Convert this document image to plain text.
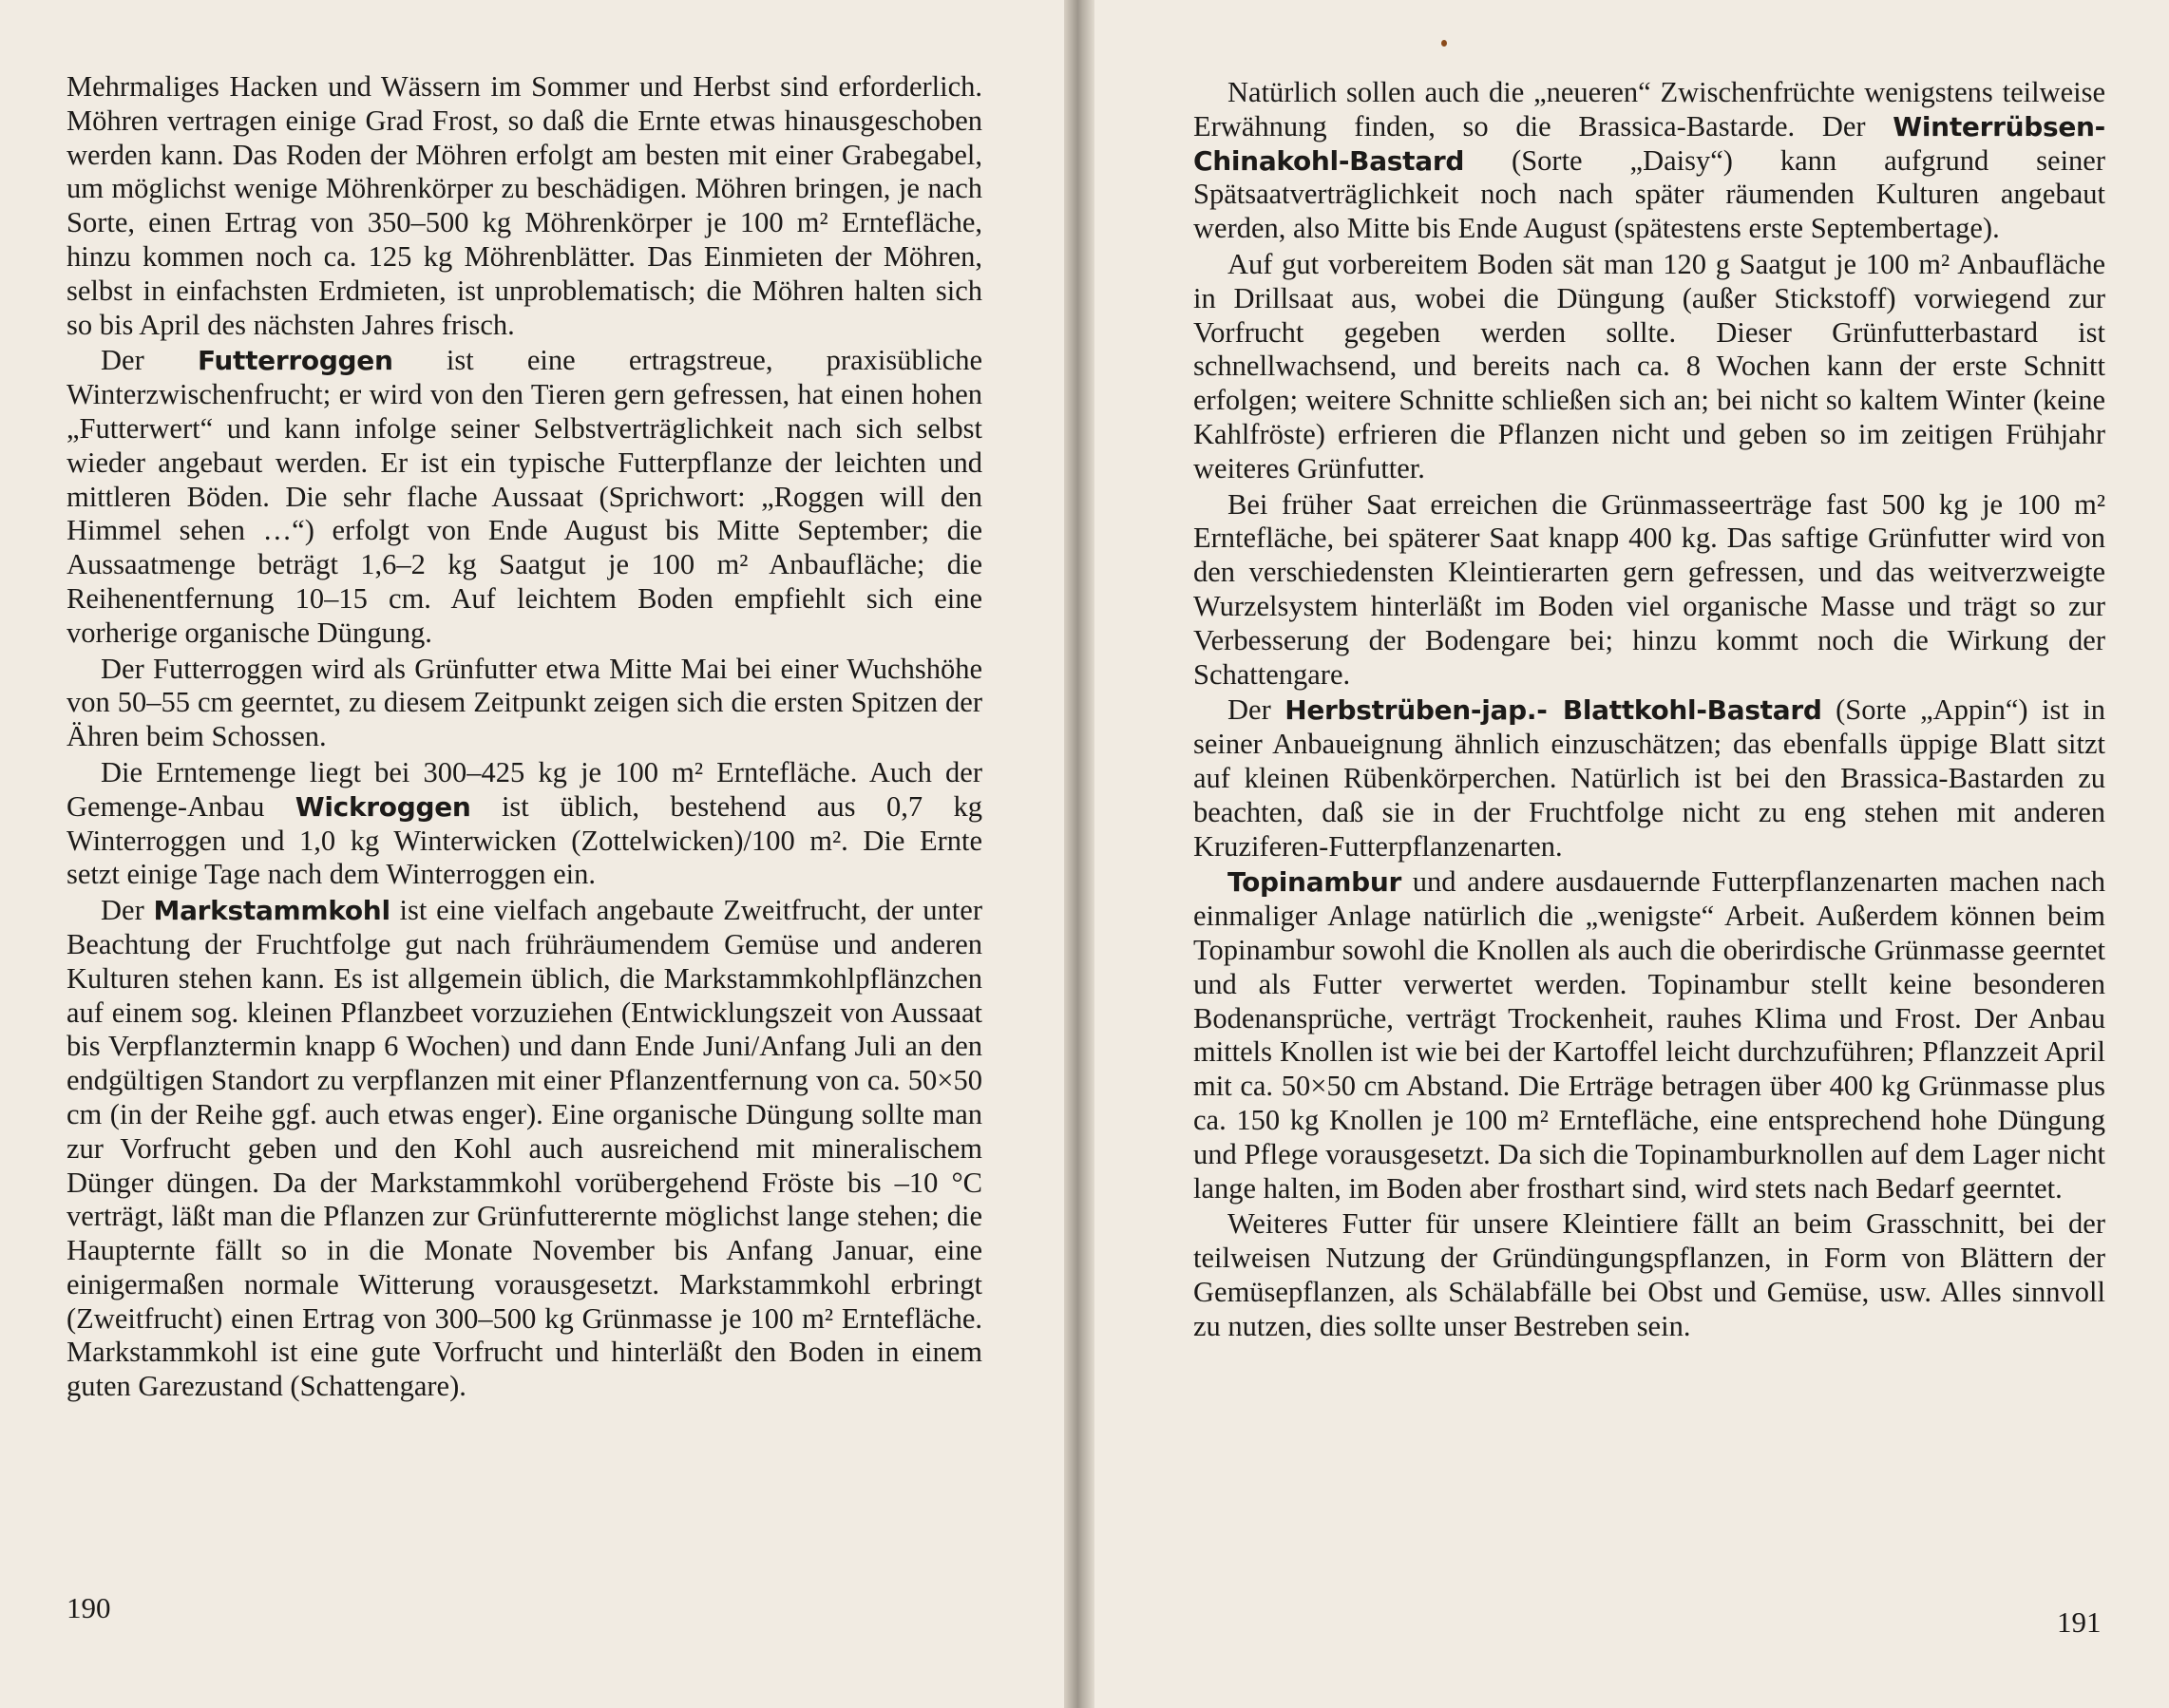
Mehrmaliges Hacken und Wässern im Sommer und Herbst sind erforderlich. Möhren vertragen einige Grad Frost, so daß die Ernte etwas hinausgeschoben werden kann. Das Roden der Möhren erfolgt am besten mit einer Grabegabel, um möglichst wenige Möhrenkörper zu beschädigen. Möhren bringen, je nach Sorte, einen Ertrag von 350–500 kg Möhrenkörper je 100 m² Erntefläche, hinzu kommen noch ca. 125 kg Möhrenblätter. Das Einmieten der Möhren, selbst in einfachsten Erdmieten, ist unproblematisch; die Möhren halten sich so bis April des nächsten Jahres frisch.

Der Futterroggen ist eine ertragstreue, praxisübliche Winterzwischenfrucht; er wird von den Tieren gern gefressen, hat einen hohen „Futterwert“ und kann infolge seiner Selbstverträglichkeit nach sich selbst wieder angebaut werden. Er ist ein typische Futterpflanze der leichten und mittleren Böden. Die sehr flache Aussaat (Sprichwort: „Roggen will den Himmel sehen …“) erfolgt von Ende August bis Mitte September; die Aussaatmenge beträgt 1,6–2 kg Saatgut je 100 m² Anbaufläche; die Reihenentfernung 10–15 cm. Auf leichtem Boden empfiehlt sich eine vorherige organische Düngung.

Der Futterroggen wird als Grünfutter etwa Mitte Mai bei einer Wuchshöhe von 50–55 cm geerntet, zu diesem Zeitpunkt zeigen sich die ersten Spitzen der Ähren beim Schossen.

Die Erntemenge liegt bei 300–425 kg je 100 m² Erntefläche. Auch der Gemenge-Anbau Wickroggen ist üblich, bestehend aus 0,7 kg Winterroggen und 1,0 kg Winterwicken (Zottelwicken)/100 m². Die Ernte setzt einige Tage nach dem Winterroggen ein.

Der Markstammkohl ist eine vielfach angebaute Zweitfrucht, der unter Beachtung der Fruchtfolge gut nach frühräumendem Gemüse und anderen Kulturen stehen kann. Es ist allgemein üblich, die Markstammkohlpflänzchen auf einem sog. kleinen Pflanzbeet vorzuziehen (Entwicklungszeit von Aussaat bis Verpflanztermin knapp 6 Wochen) und dann Ende Juni/Anfang Juli an den endgültigen Standort zu verpflanzen mit einer Pflanzentfernung von ca. 50×50 cm (in der Reihe ggf. auch etwas enger). Eine organische Düngung sollte man zur Vorfrucht geben und den Kohl auch ausreichend mit mineralischem Dünger düngen. Da der Markstammkohl vorübergehend Fröste bis –10 °C verträgt, läßt man die Pflanzen zur Grünfutterernte möglichst lange stehen; die Haupternte fällt so in die Monate November bis Anfang Januar, eine einigermaßen normale Witterung vorausgesetzt. Markstammkohl erbringt (Zweitfrucht) einen Ertrag von 300–500 kg Grünmasse je 100 m² Erntefläche. Markstammkohl ist eine gute Vorfrucht und hinterläßt den Boden in einem guten Garezustand (Schattengare).

190

Natürlich sollen auch die „neueren“ Zwischenfrüchte wenigstens teilweise Erwähnung finden, so die Brassica-Bastarde. Der Winterrübsen-Chinakohl-Bastard (Sorte „Daisy“) kann aufgrund seiner Spätsaatverträglichkeit noch nach später räumenden Kulturen angebaut werden, also Mitte bis Ende August (spätestens erste Septembertage).

Auf gut vorbereitem Boden sät man 120 g Saatgut je 100 m² Anbaufläche in Drillsaat aus, wobei die Düngung (außer Stickstoff) vorwiegend zur Vorfrucht gegeben werden sollte. Dieser Grünfutterbastard ist schnellwachsend, und bereits nach ca. 8 Wochen kann der erste Schnitt erfolgen; weitere Schnitte schließen sich an; bei nicht so kaltem Winter (keine Kahlfröste) erfrieren die Pflanzen nicht und geben so im zeitigen Frühjahr weiteres Grünfutter.

Bei früher Saat erreichen die Grünmasseerträge fast 500 kg je 100 m² Erntefläche, bei späterer Saat knapp 400 kg. Das saftige Grünfutter wird von den verschiedensten Kleintierarten gern gefressen, und das weitverzweigte Wurzelsystem hinterläßt im Boden viel organische Masse und trägt so zur Verbesserung der Bodengare bei; hinzu kommt noch die Wirkung der Schattengare.

Der Herbstrüben-jap.- Blattkohl-Bastard (Sorte „Appin“) ist in seiner Anbaueignung ähnlich einzuschätzen; das ebenfalls üppige Blatt sitzt auf kleinen Rübenkörperchen. Natürlich ist bei den Brassica-Bastarden zu beachten, daß sie in der Fruchtfolge nicht zu eng stehen mit anderen Kruziferen-Futterpflanzenarten.

Topinambur und andere ausdauernde Futterpflanzenarten machen nach einmaliger Anlage natürlich die „wenigste“ Arbeit. Außerdem können beim Topinambur sowohl die Knollen als auch die oberirdische Grünmasse geerntet und als Futter verwertet werden. Topinambur stellt keine besonderen Bodenansprüche, verträgt Trockenheit, rauhes Klima und Frost. Der Anbau mittels Knollen ist wie bei der Kartoffel leicht durchzuführen; Pflanzzeit April mit ca. 50×50 cm Abstand. Die Erträge betragen über 400 kg Grünmasse plus ca. 150 kg Knollen je 100 m² Erntefläche, eine entsprechend hohe Düngung und Pflege vorausgesetzt. Da sich die Topinamburknollen auf dem Lager nicht lange halten, im Boden aber frosthart sind, wird stets nach Bedarf geerntet.

Weiteres Futter für unsere Kleintiere fällt an beim Grasschnitt, bei der teilweisen Nutzung der Gründüngungspflanzen, in Form von Blättern der Gemüsepflanzen, als Schälabfälle bei Obst und Gemüse, usw. Alles sinnvoll zu nutzen, dies sollte unser Bestreben sein.

191
